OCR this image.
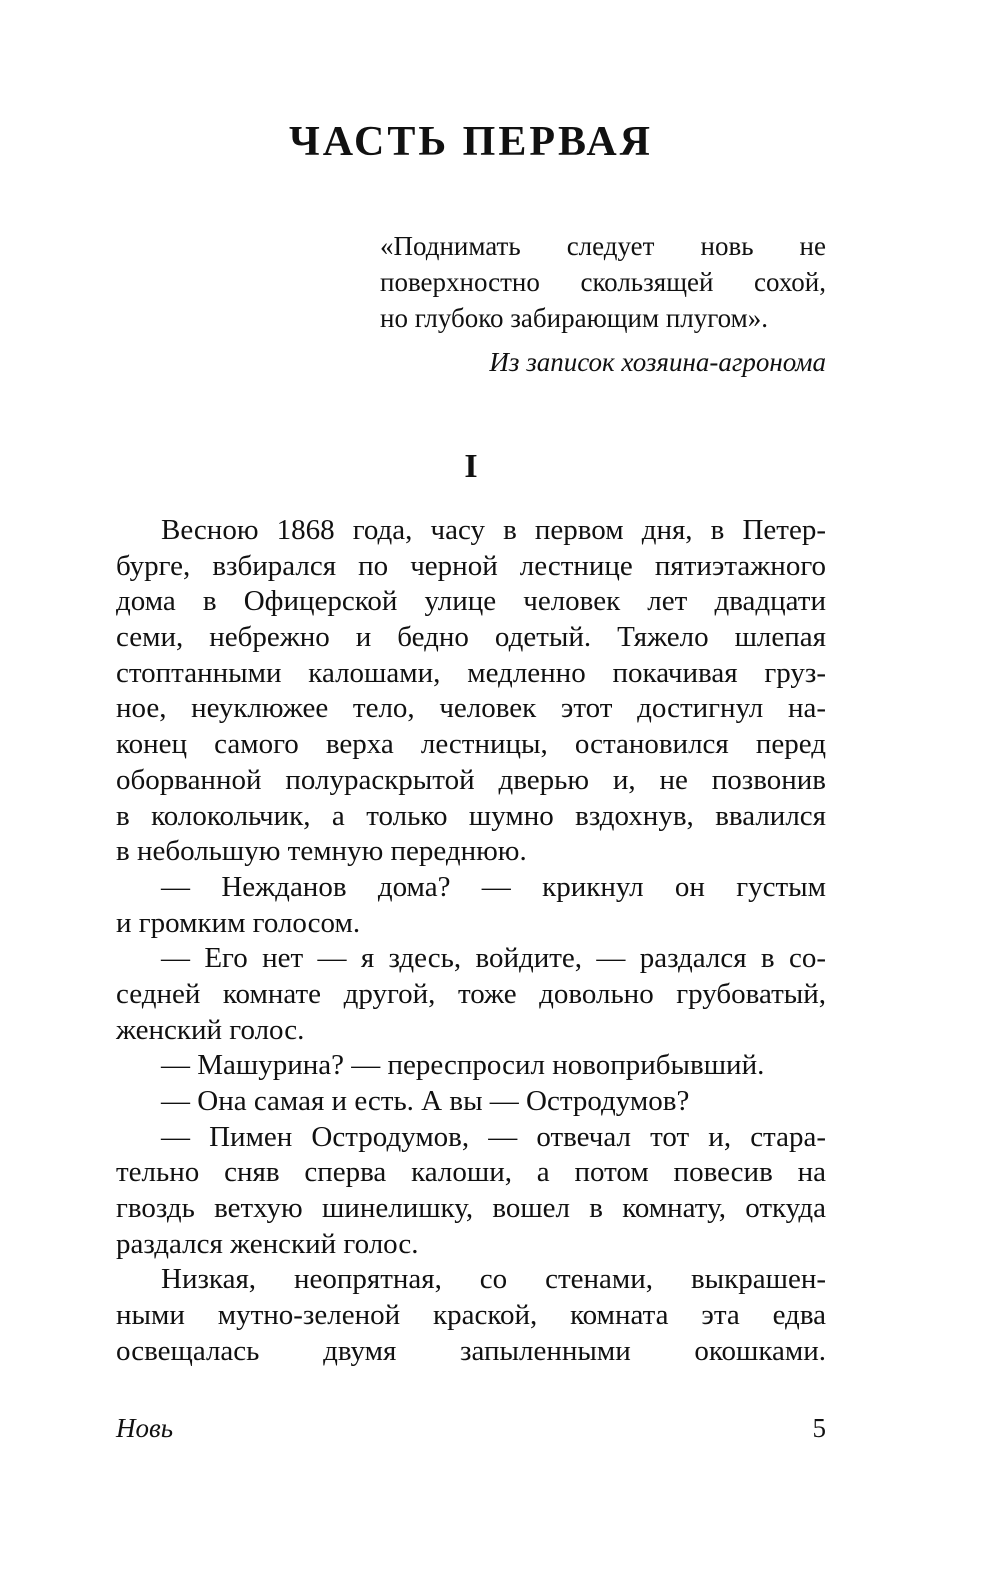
ЧАСТЬ ПЕРВАЯ
«Поднимать следует новь не
поверхностно скользящей сохой,
но глубоко забирающим плугом».
Из записок хозяина-агронома
I
Весною 1868 года, часу в первом дня, в Петер-
бурге, взбирался по черной лестнице пятиэтажного
дома в Офицерской улице человек лет двадцати
семи, небрежно и бедно одетый. Тяжело шлепая
стоптанными калошами, медленно покачивая груз-
ное, неуклюжее тело, человек этот достигнул на-
конец самого верха лестницы, остановился перед
оборванной полураскрытой дверью и, не позвонив
в колокольчик, а только шумно вздохнув, ввалился
в небольшую темную переднюю.
— Нежданов дома? — крикнул он густым
и громким голосом.
— Его нет — я здесь, войдите, — раздался в со-
седней комнате другой, тоже довольно грубоватый,
женский голос.
— Машурина? — переспросил новоприбывший.
— Она самая и есть. А вы — Остродумов?
— Пимен Остродумов, — отвечал тот и, стара-
тельно сняв сперва калоши, а потом повесив на
гвоздь ветхую шинелишку, вошел в комнату, откуда
раздался женский голос.
Низкая, неопрятная, со стенами, выкрашен-
ными мутно-зеленой краской, комната эта едва
освещалась двумя запыленными окошками.

Новь	5
